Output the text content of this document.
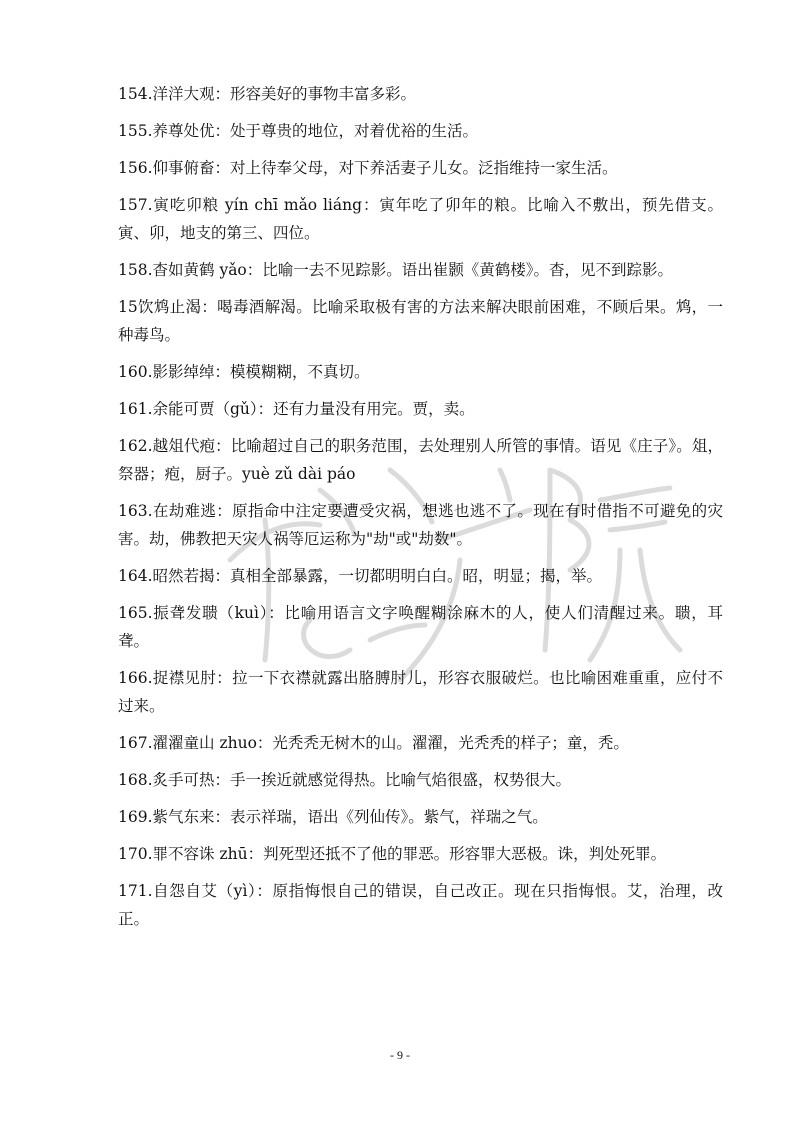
154.洋洋大观：形容美好的事物丰富多彩。

155.养尊处优：处于尊贵的地位，对着优裕的生活。

156.仰事俯畜：对上待奉父母，对下养活妻子儿女。泛指维持一家生活。

157.寅吃卯粮 yín chī mǎo liáng：寅年吃了卯年的粮。比喻入不敷出，预先借支。寅、卯，地支的第三、四位。

158.杳如黄鹤 yǎo：比喻一去不见踪影。语出崔颢《黄鹤楼》。杳，见不到踪影。

15饮鸩止渴：喝毒酒解渴。比喻采取极有害的方法来解决眼前困难，不顾后果。鸩，一种毒鸟。

160.影影绰绰：模模糊糊，不真切。

161.余能可贾（gǔ）：还有力量没有用完。贾，卖。

162.越俎代疱：比喻超过自己的职务范围，去处理别人所管的事情。语见《庄子》。俎，祭器；疱，厨子。yuè zǔ dài páo

163.在劫难逃：原指命中注定要遭受灾祸，想逃也逃不了。现在有时借指不可避免的灾害。劫，佛教把天灾人祸等厄运称为"劫"或"劫数"。

164.昭然若揭：真相全部暴露，一切都明明白白。昭，明显；揭，举。

165.振聋发聩（kuì）：比喻用语言文字唤醒糊涂麻木的人，使人们清醒过来。聩，耳聋。

166.捉襟见肘：拉一下衣襟就露出胳膊肘儿，形容衣服破烂。也比喻困难重重，应付不过来。

167.濯濯童山 zhuo：光秃秃无树木的山。濯濯，光秃秃的样子；童，秃。

168.炙手可热：手一挨近就感觉得热。比喻气焰很盛，权势很大。

169.紫气东来：表示祥瑞，语出《列仙传》。紫气，祥瑞之气。

170.罪不容诛 zhū：判死型还抵不了他的罪恶。形容罪大恶极。诛，判处死罪。

171.自怨自艾（yì）：原指悔恨自己的错误，自己改正。现在只指悔恨。艾，治理，改正。

- 9 -
